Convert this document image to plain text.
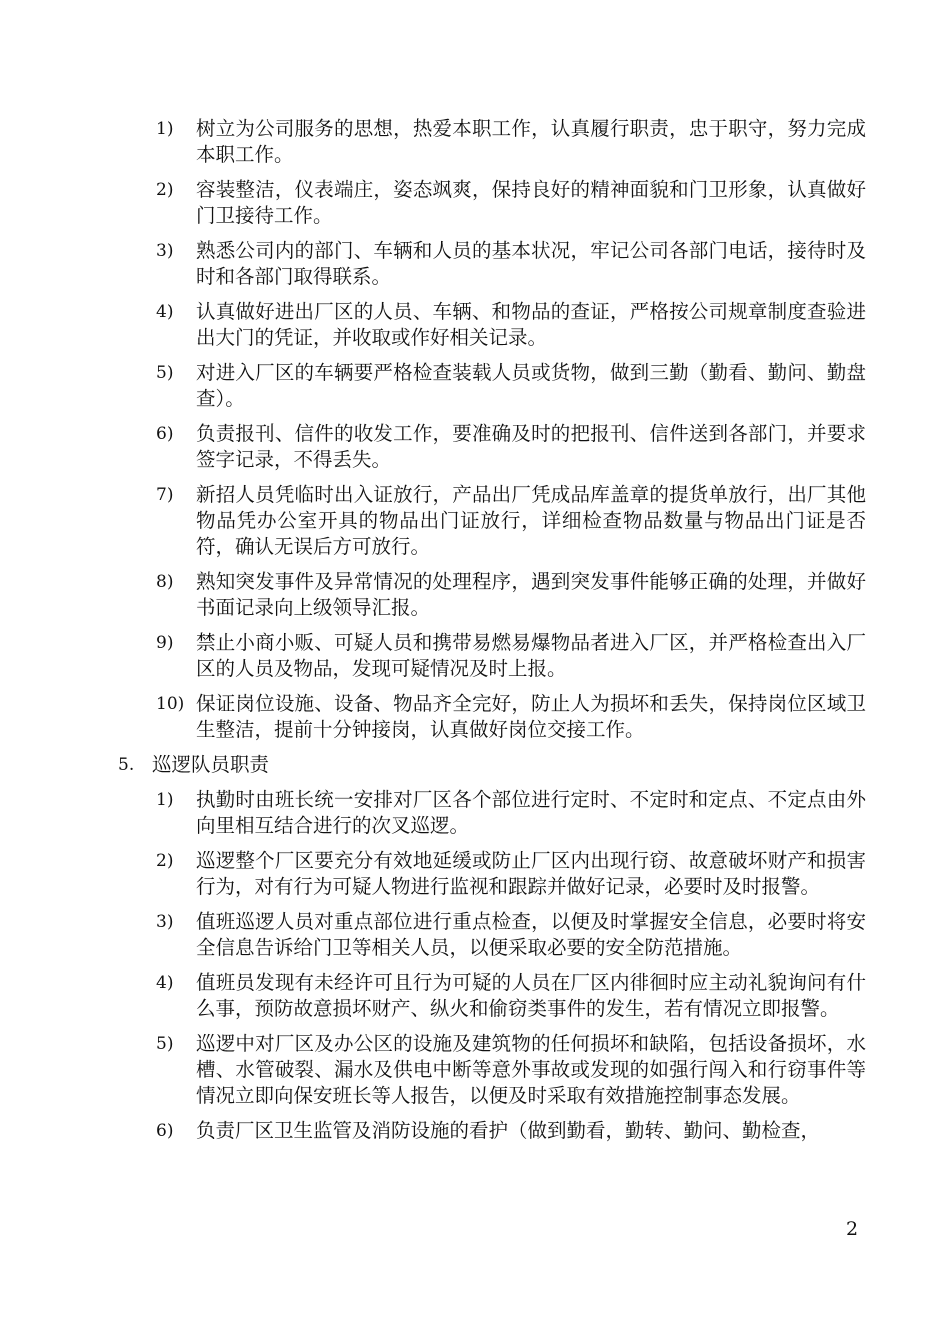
1)	树立为公司服务的思想，热爱本职工作，认真履行职责，忠于职守，努力完成本职工作。
2)	容装整洁，仪表端庄，姿态飒爽，保持良好的精神面貌和门卫形象，认真做好门卫接待工作。
3)	熟悉公司内的部门、车辆和人员的基本状况，牢记公司各部门电话，接待时及时和各部门取得联系。
4)	认真做好进出厂区的人员、车辆、和物品的查证，严格按公司规章制度查验进出大门的凭证，并收取或作好相关记录。
5)	对进入厂区的车辆要严格检查装载人员或货物，做到三勤（勤看、勤问、勤盘查）。
6)	负责报刊、信件的收发工作，要准确及时的把报刊、信件送到各部门，并要求签字记录，不得丢失。
7)	新招人员凭临时出入证放行，产品出厂凭成品库盖章的提货单放行，出厂其他物品凭办公室开具的物品出门证放行，详细检查物品数量与物品出门证是否符，确认无误后方可放行。
8)	熟知突发事件及异常情况的处理程序，遇到突发事件能够正确的处理，并做好书面记录向上级领导汇报。
9)	禁止小商小贩、可疑人员和携带易燃易爆物品者进入厂区，并严格检查出入厂区的人员及物品，发现可疑情况及时上报。
10) 保证岗位设施、设备、物品齐全完好，防止人为损坏和丢失，保持岗位区域卫生整洁，提前十分钟接岗，认真做好岗位交接工作。
5. 巡逻队员职责
1)	执勤时由班长统一安排对厂区各个部位进行定时、不定时和定点、不定点由外向里相互结合进行的次叉巡逻。
2)	巡逻整个厂区要充分有效地延缓或防止厂区内出现行窃、故意破坏财产和损害行为，对有行为可疑人物进行监视和跟踪并做好记录，必要时及时报警。
3)	值班巡逻人员对重点部位进行重点检查，以便及时掌握安全信息，必要时将安全信息告诉给门卫等相关人员，以便采取必要的安全防范措施。
4)	值班员发现有未经许可且行为可疑的人员在厂区内徘徊时应主动礼貌询问有什么事，预防故意损坏财产、纵火和偷窃类事件的发生，若有情况立即报警。
5)	巡逻中对厂区及办公区的设施及建筑物的任何损坏和缺陷，包括设备损坏，水槽、水管破裂、漏水及供电中断等意外事故或发现的如强行闯入和行窃事件等情况立即向保安班长等人报告，以便及时采取有效措施控制事态发展。
6)	负责厂区卫生监管及消防设施的看护（做到勤看，勤转、勤问、勤检查，
2
